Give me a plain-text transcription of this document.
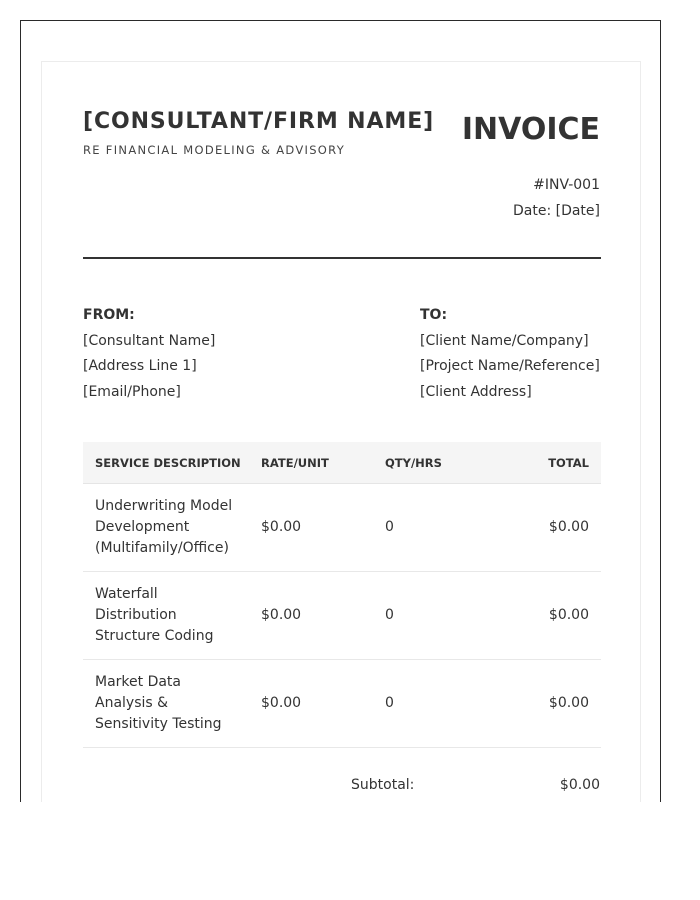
[CONSULTANT/FIRM NAME]
RE FINANCIAL MODELING & ADVISORY
INVOICE
#INV-001
Date: [Date]
FROM:
[Consultant Name]
[Address Line 1]
[Email/Phone]
TO:
[Client Name/Company]
[Project Name/Reference]
[Client Address]
SERVICE DESCRIPTION	RATE/UNIT	QTY/HRS	TOTAL
Underwriting Model Development (Multifamily/Office)	$0.00	0	$0.00
Waterfall Distribution Structure Coding	$0.00	0	$0.00
Market Data Analysis & Sensitivity Testing	$0.00	0	$0.00
Subtotal:	$0.00
